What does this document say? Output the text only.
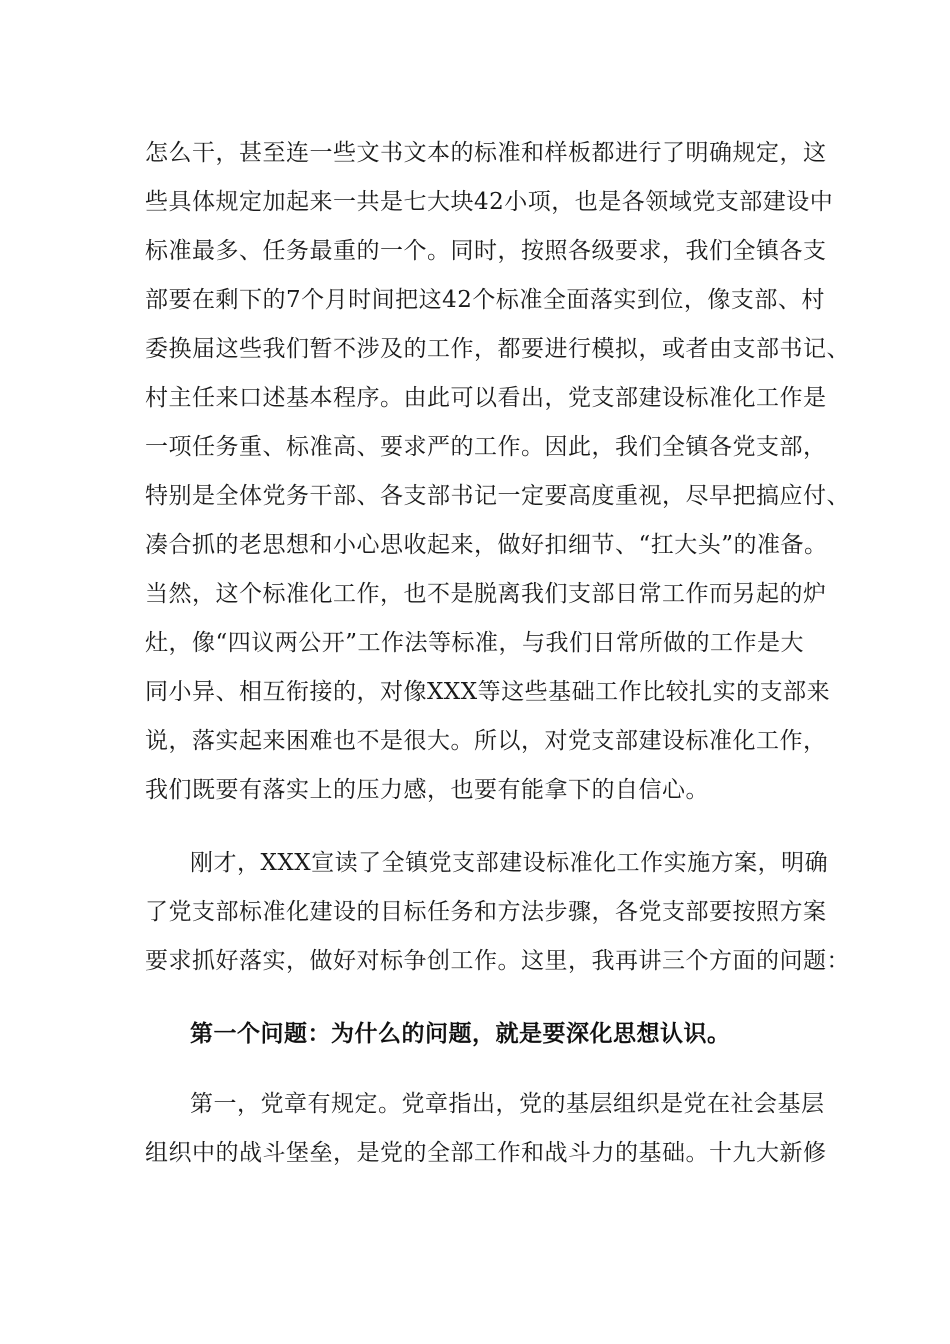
怎么干，甚至连一些文书文本的标准和样板都进行了明确规定，这
些具体规定加起来一共是七大块42小项，也是各领域党支部建设中
标准最多、任务最重的一个。同时，按照各级要求，我们全镇各支
部要在剩下的7个月时间把这42个标准全面落实到位，像支部、村
委换届这些我们暂不涉及的工作，都要进行模拟，或者由支部书记、
村主任来口述基本程序。由此可以看出，党支部建设标准化工作是
一项任务重、标准高、要求严的工作。因此，我们全镇各党支部，
特别是全体党务干部、各支部书记一定要高度重视，尽早把搞应付、
凑合抓的老思想和小心思收起来，做好扣细节、“扛大头”的准备。
当然，这个标准化工作，也不是脱离我们支部日常工作而另起的炉
灶，像“四议两公开”工作法等标准，与我们日常所做的工作是大
同小异、相互衔接的，对像XXX等这些基础工作比较扎实的支部来
说，落实起来困难也不是很大。所以，对党支部建设标准化工作，
我们既要有落实上的压力感，也要有能拿下的自信心。
刚才，XXX宣读了全镇党支部建设标准化工作实施方案，明确
了党支部标准化建设的目标任务和方法步骤，各党支部要按照方案
要求抓好落实，做好对标争创工作。这里，我再讲三个方面的问题：
第一个问题：为什么的问题，就是要深化思想认识。
第一，党章有规定。党章指出，党的基层组织是党在社会基层
组织中的战斗堡垒，是党的全部工作和战斗力的基础。十九大新修
